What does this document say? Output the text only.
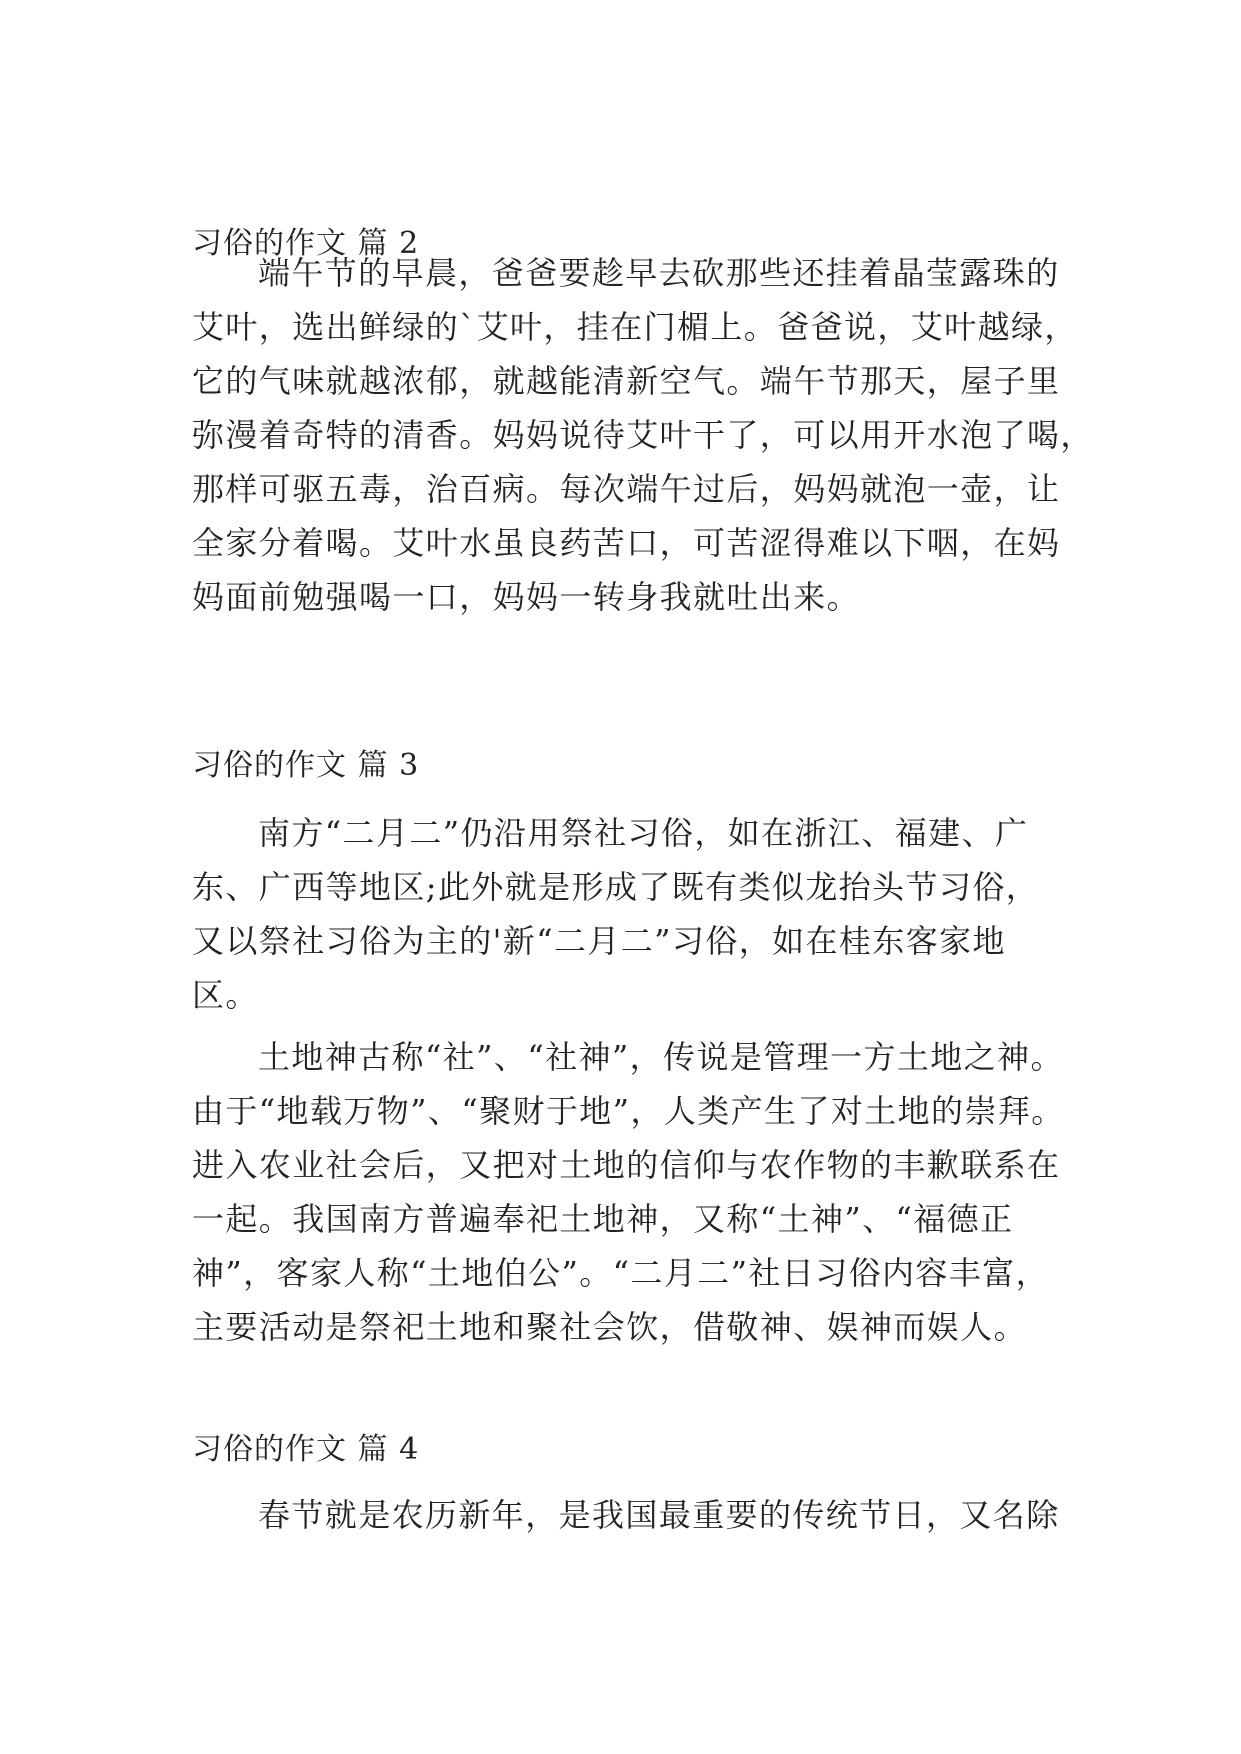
习俗的作文 篇 2
端午节的早晨，爸爸要趁早去砍那些还挂着晶莹露珠的
艾叶，选出鲜绿的`艾叶，挂在门楣上。爸爸说，艾叶越绿，
它的气味就越浓郁，就越能清新空气。端午节那天，屋子里
弥漫着奇特的清香。妈妈说待艾叶干了，可以用开水泡了喝，
那样可驱五毒，治百病。每次端午过后，妈妈就泡一壶，让
全家分着喝。艾叶水虽良药苦口，可苦涩得难以下咽，在妈
妈面前勉强喝一口，妈妈一转身我就吐出来。
习俗的作文 篇 3
南方“二月二”仍沿用祭社习俗，如在浙江、福建、广
东、广西等地区;此外就是形成了既有类似龙抬头节习俗，
又以祭社习俗为主的'新“二月二”习俗，如在桂东客家地
区。
土地神古称“社”、“社神”，传说是管理一方土地之神。
由于“地载万物”、“聚财于地”，人类产生了对土地的崇拜。
进入农业社会后，又把对土地的信仰与农作物的丰歉联系在
一起。我国南方普遍奉祀土地神，又称“土神”、“福德正
神”，客家人称“土地伯公”。“二月二”社日习俗内容丰富，
主要活动是祭祀土地和聚社会饮，借敬神、娱神而娱人。
习俗的作文 篇 4
春节就是农历新年，是我国最重要的传统节日，又名除
